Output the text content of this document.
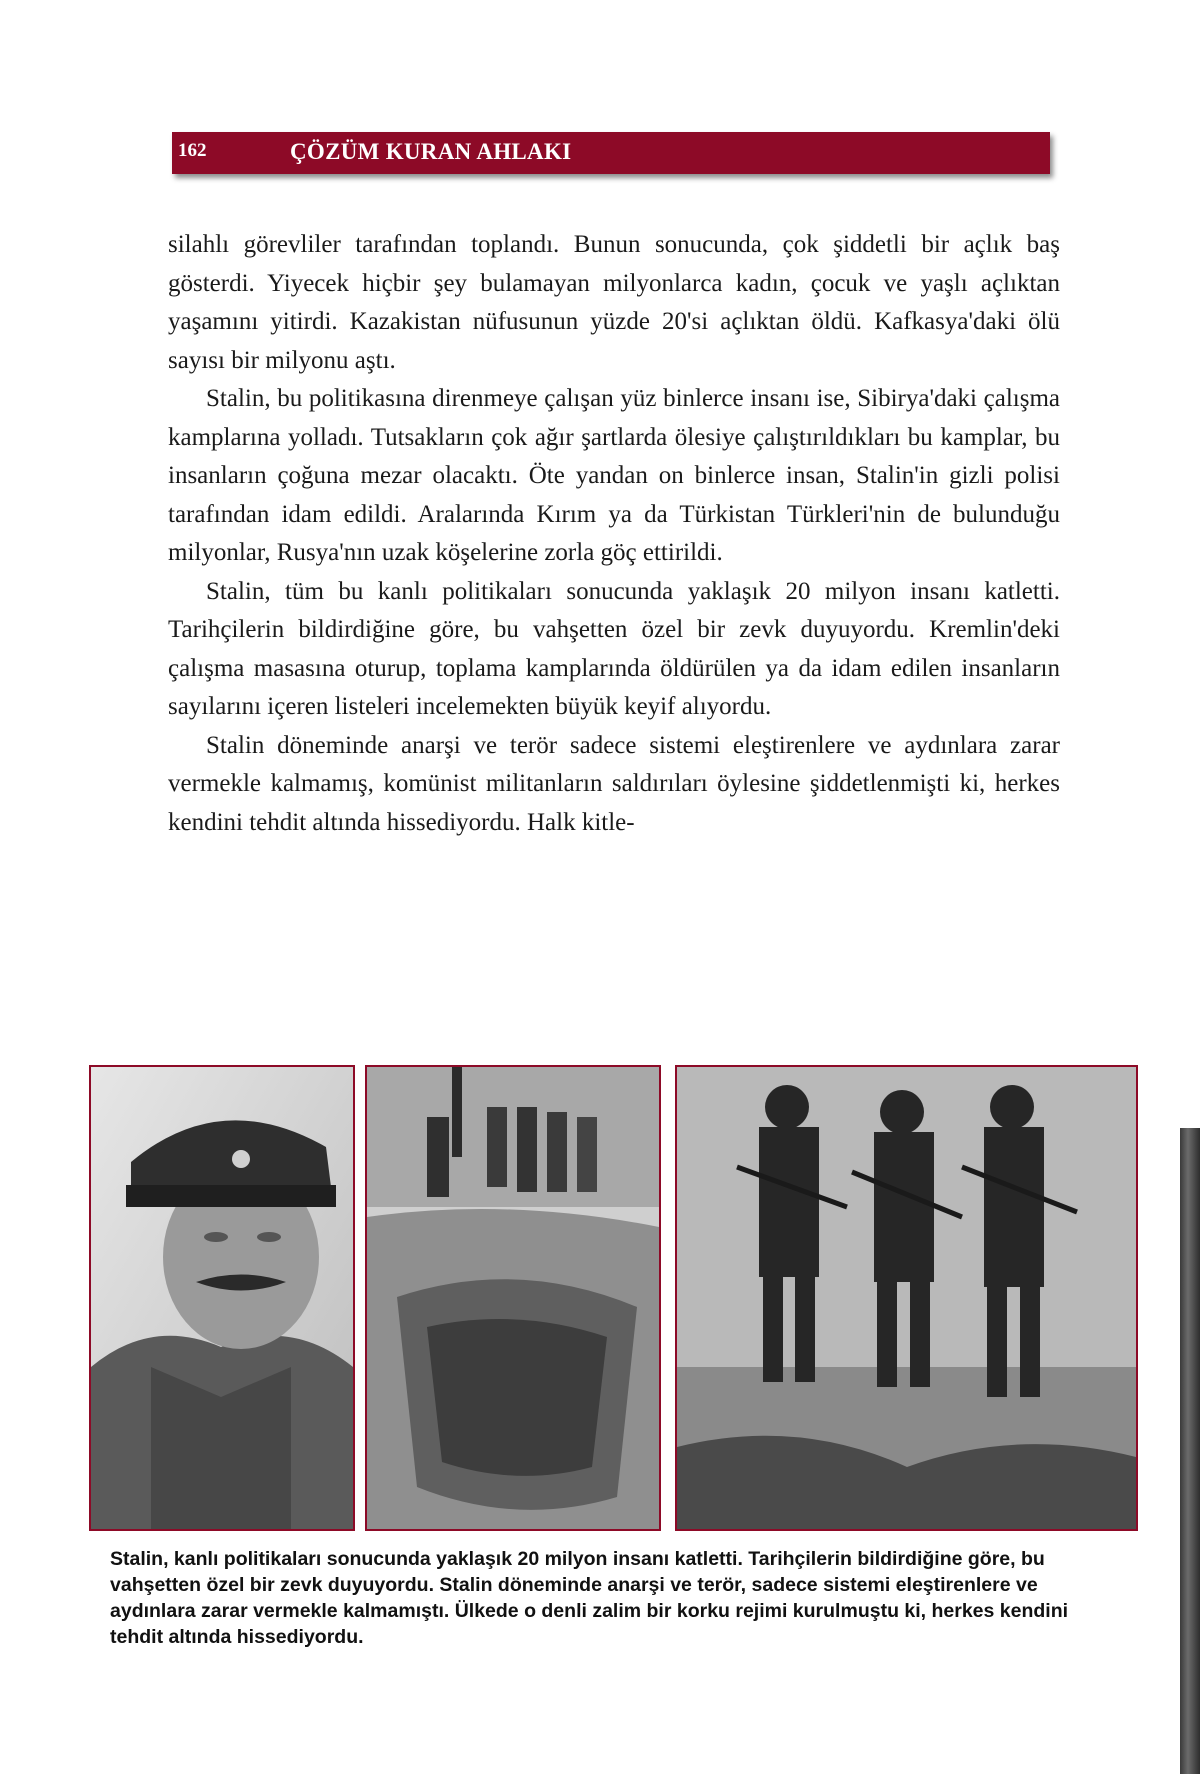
162	ÇÖZÜM KURAN AHLAKI

silahlı görevliler tarafından toplandı. Bunun sonucunda, çok şiddetli bir açlık baş gösterdi. Yiyecek hiçbir şey bulamayan milyonlarca kadın, çocuk ve yaşlı açlıktan yaşamını yitirdi. Kazakistan nüfusunun yüzde 20'si açlıktan öldü. Kafkasya'daki ölü sayısı bir milyonu aştı.

Stalin, bu politikasına direnmeye çalışan yüz binlerce insanı ise, Sibirya'daki çalışma kamplarına yolladı. Tutsakların çok ağır şartlarda ölesiye çalıştırıldıkları bu kamplar, bu insanların çoğuna mezar olacaktı. Öte yandan on binlerce insan, Stalin'in gizli polisi tarafından idam edildi. Aralarında Kırım ya da Türkistan Türkleri'nin de bulunduğu milyonlar, Rusya'nın uzak köşelerine zorla göç ettirildi.

Stalin, tüm bu kanlı politikaları sonucunda yaklaşık 20 milyon insanı katletti. Tarihçilerin bildirdiğine göre, bu vahşetten özel bir zevk duyuyordu. Kremlin'deki çalışma masasına oturup, toplama kamplarında öldürülen ya da idam edilen insanların sayılarını içeren listeleri incelemekten büyük keyif alıyordu.

Stalin döneminde anarşi ve terör sadece sistemi eleştirenlere ve aydınlara zarar vermekle kalmamış, komünist militanların saldırıları öylesine şiddetlenmişti ki, herkes kendini tehdit altında hissediyordu. Halk kitle-

Stalin, kanlı politikaları sonucunda yaklaşık 20 milyon insanı katletti. Tarihçilerin bildirdiğine göre, bu vahşetten özel bir zevk duyuyordu. Stalin döneminde anarşi ve terör, sadece sistemi eleştirenlere ve aydınlara zarar vermekle kalmamıştı. Ülkede o denli zalim bir korku rejimi kurulmuştu ki, herkes kendini tehdit altında hissediyordu.
